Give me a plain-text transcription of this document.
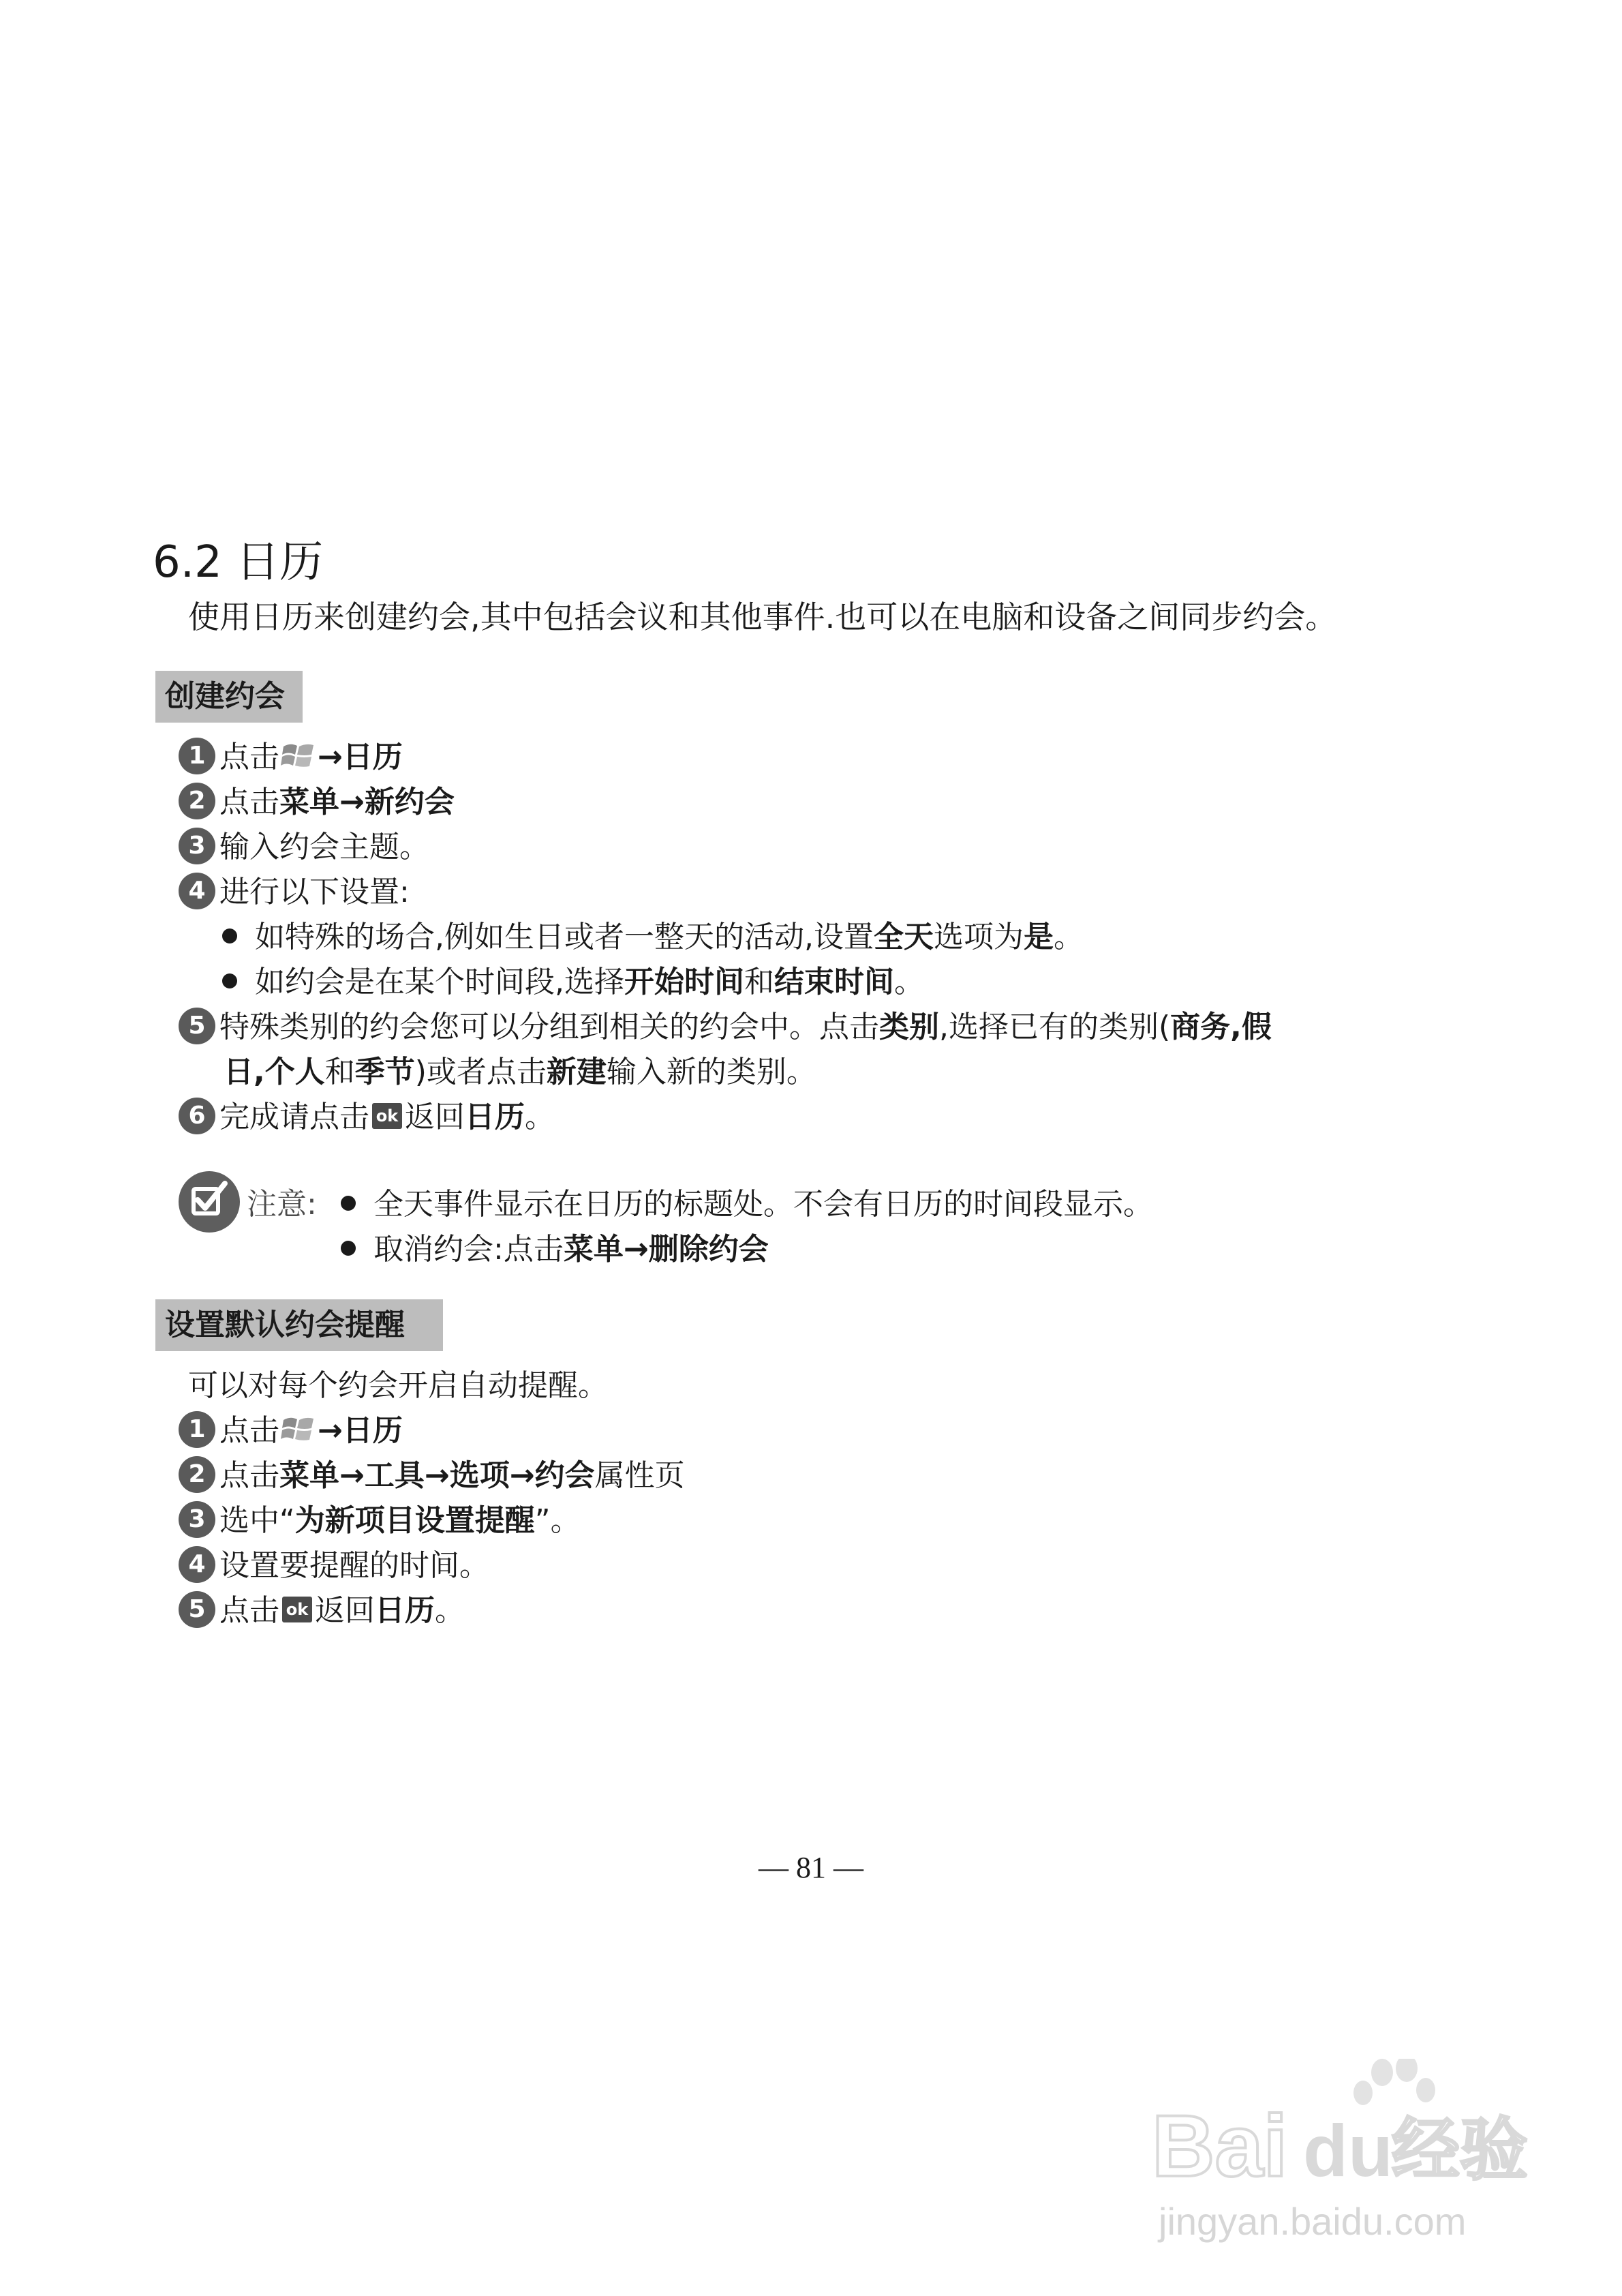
6.2 日历
使用日历来创建约会,其中包括会议和其他事件.也可以在电脑和设备之间同步约会。
创建约会
1 点击 →日历
2 点击菜单→新约会
3 输入约会主题。
4 进行以下设置:
如特殊的场合,例如生日或者一整天的活动,设置全天选项为是。
如约会是在某个时间段,选择开始时间和结束时间。
5 特殊类别的约会您可以分组到相关的约会中。点击类别,选择已有的类别(商务,假
日,个人和季节)或者点击新建输入新的类别。
6 完成请点击 ok 返回日历。
注意:	全天事件显示在日历的标题处。不会有日历的时间段显示。
取消约会:点击菜单→删除约会
设置默认约会提醒
可以对每个约会开启自动提醒。
1 点击 →日历
2 点击菜单→工具→选项→约会属性页
3 选中“为新项目设置提醒”。
4 设置要提醒的时间。
5 点击 ok 返回日历。
— 81 —
Bai du
经验
jingyan.baidu.com
